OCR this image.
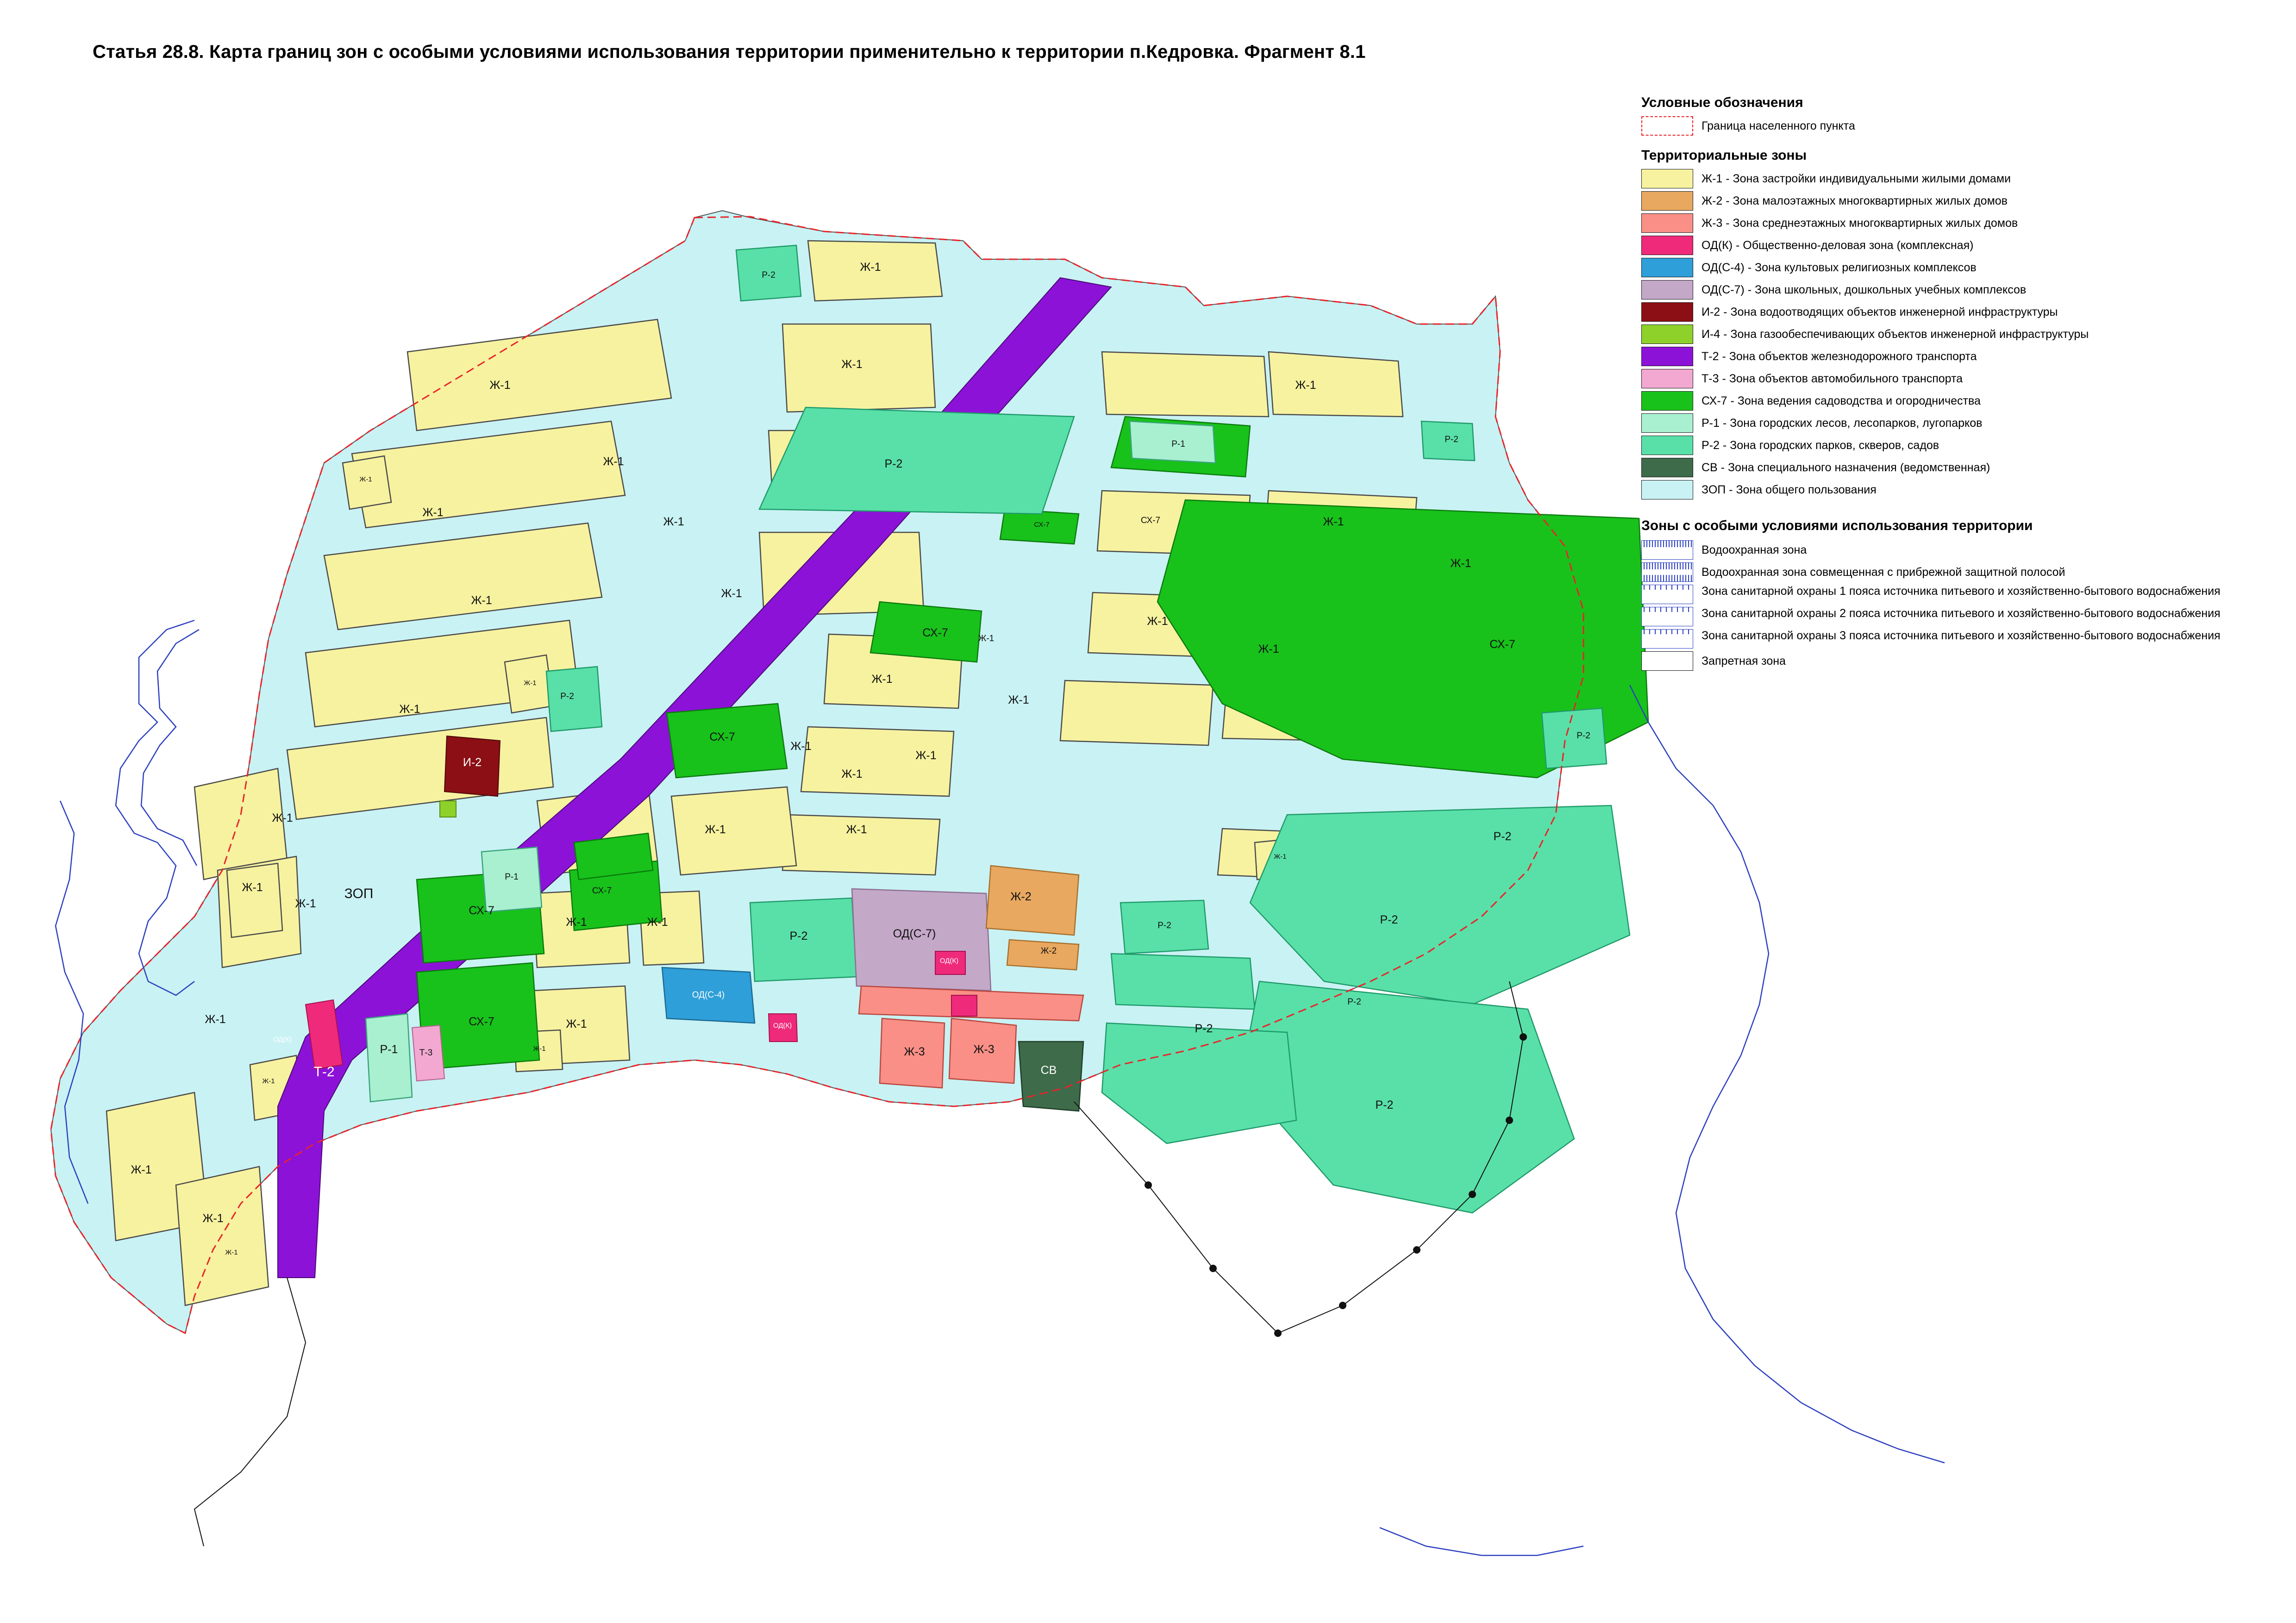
Статья 28.8. Карта границ зон с особыми условиями использования территории применительно к территории п.Кедровка. Фрагмент 8.1
Ж-1
Р-2
Ж-1
Ж-1
Ж-1
Р-2
Ж-1
Ж-1	Р-2
Р-1
СХ-7
СХ-7
Ж-1
Ж-1	Ж-1
Ж-1
Ж-1
Ж-1
СХ-7	Ж-1
Ж-1
Ж-1
Ж-1
Р-2
Ж-1
Ж-1
СХ-7
Ж-1
И-2
СХ-7
Ж-1
Ж-1
Ж-1
Р-2
Ж-1
Ж-1	Ж-1
Р-2
Ж-1
Ж-1
Ж-1
ЗОП
Р-1
СХ-7
СХ-7
Ж-1	Ж-1
Р-2
Ж-2
ОД(С-7)
Р-2	Р-2
Ж-2
Ж-1	СХ-7	Ж-1
ОД(С-4)
ОД(К)
ОД(К)
Р-2
Р-2
Ж-1	Ж-3	Ж-3
СВ
Т-2
Т-3
Р-1
ОД(К)
Ж-1
Р-2
Ж-1
Ж-1
Ж-1
Условные обозначения
Граница населенного пункта
Территориальные зоны
Ж-1 - Зона застройки индивидуальными жилыми домами
Ж-2 - Зона малоэтажных многоквартирных жилых домов
Ж-3 - Зона среднеэтажных многоквартирных жилых домов
ОД(К) - Общественно-деловая зона (комплексная)
ОД(С-4) - Зона культовых религиозных комплексов
ОД(С-7) - Зона школьных, дошкольных учебных комплексов
И-2 - Зона водоотводящих объектов инженерной инфраструктуры
И-4 - Зона газообеспечивающих объектов инженерной инфраструктуры
Т-2 - Зона объектов железнодорожного транспорта
Т-3 - Зона объектов автомобильного транспорта
СХ-7 - Зона ведения садоводства и огородничества
Р-1 - Зона городских лесов, лесопарков, лугопарков
Р-2 - Зона городских парков, скверов, садов
СВ - Зона специального назначения (ведомственная)
ЗОП - Зона общего пользования
Зоны с особыми условиями использования территории
Водоохранная зона
Водоохранная зона совмещенная с прибрежной защитной полосой
Зона санитарной охраны 1 пояса источника питьевого и хозяйственно-бытового водоснабжения
Зона санитарной охраны 2 пояса источника питьевого и хозяйственно-бытового водоснабжения
Зона санитарной охраны 3 пояса источника питьевого и хозяйственно-бытового водоснабжения
Запретная зона
